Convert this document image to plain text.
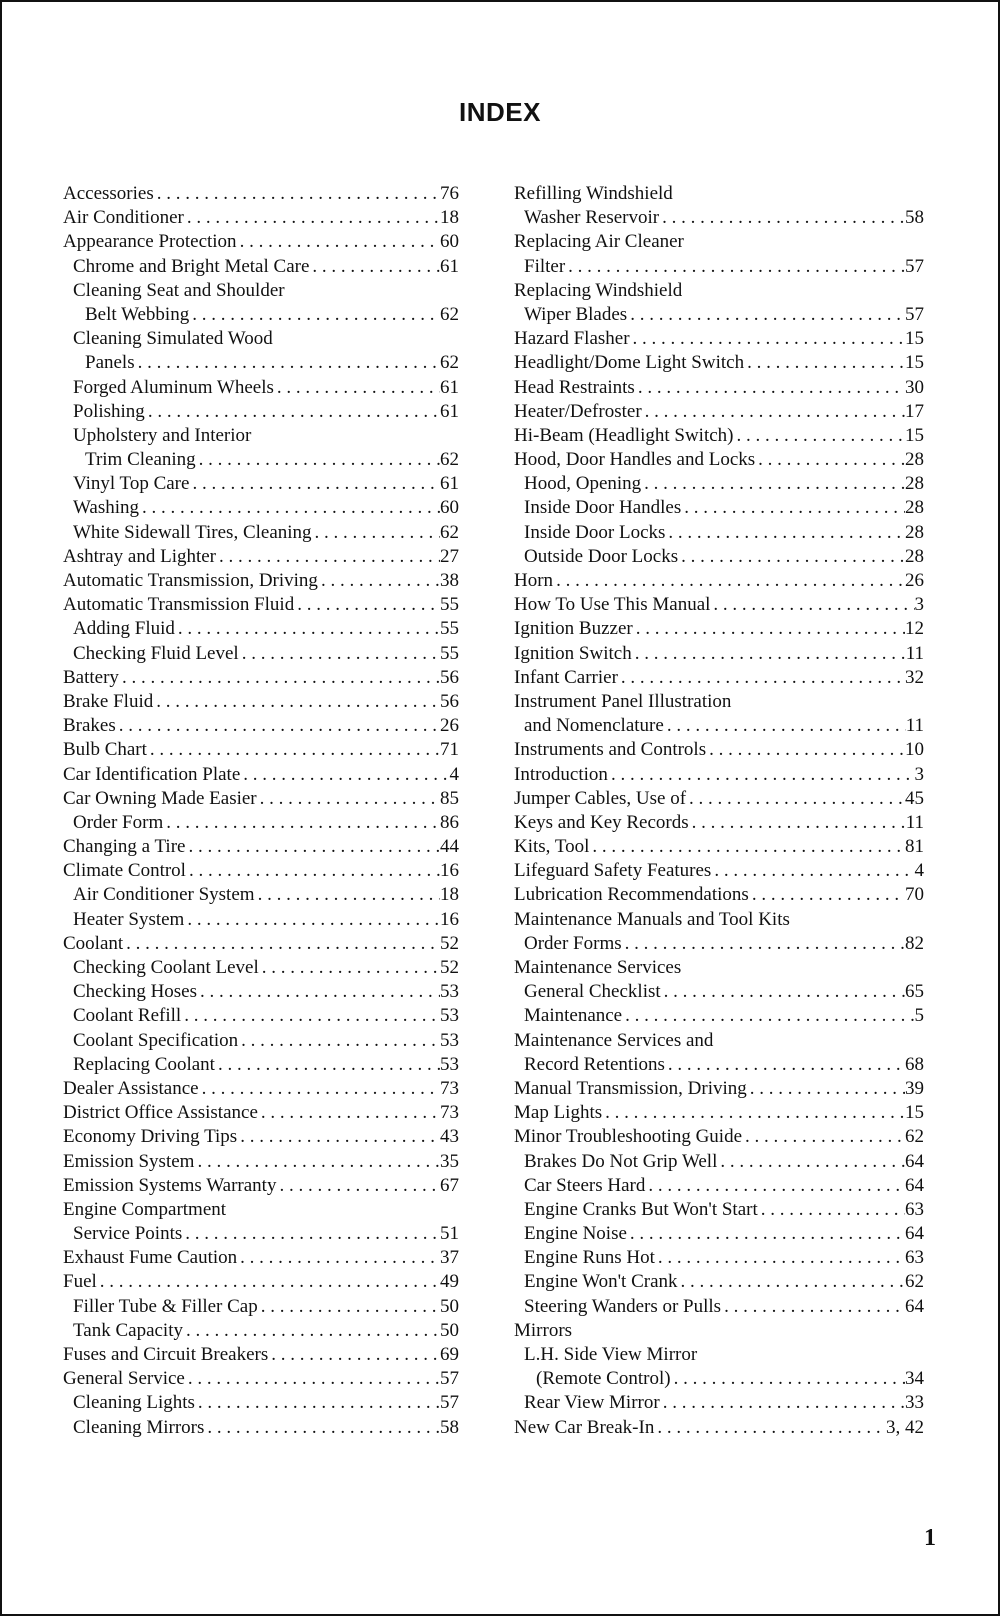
INDEX
Accessories . . .	76
Air Conditioner . . .	18
Appearance Protection . . .	60
Chrome and Bright Metal Care . . .	61
Cleaning Seat and Shoulder
Belt Webbing . . .	62
Cleaning Simulated Wood
Panels . . .	62
Forged Aluminum Wheels . . .	61
Polishing . . .	61
Upholstery and Interior
Trim Cleaning . . .	62
Vinyl Top Care . . .	61
Washing . . .	60
White Sidewall Tires, Cleaning . . .	62
Ashtray and Lighter . . .	27
Automatic Transmission, Driving . . .	38
Automatic Transmission Fluid . . .	55
Adding Fluid . . .	55
Checking Fluid Level . . .	55
Battery . . .	56
Brake Fluid . . .	56
Brakes . . .	26
Bulb Chart . . .	71
Car Identification Plate . . .	4
Car Owning Made Easier . . .	85
Order Form . . .	86
Changing a Tire . . .	44
Climate Control . . .	16
Air Conditioner System . . .	18
Heater System . . .	16
Coolant . . .	52
Checking Coolant Level . . .	52
Checking Hoses . . .	53
Coolant Refill . . .	53
Coolant Specification . . .	53
Replacing Coolant . . .	53
Dealer Assistance . . .	73
District Office Assistance . . .	73
Economy Driving Tips . . .	43
Emission System . . .	35
Emission Systems Warranty . . .	67
Engine Compartment
Service Points . . .	51
Exhaust Fume Caution . . .	37
Fuel . . .	49
Filler Tube & Filler Cap . . .	50
Tank Capacity . . .	50
Fuses and Circuit Breakers . . .	69
General Service . . .	57
Cleaning Lights . . .	57
Cleaning Mirrors . . .	58
Refilling Windshield
Washer Reservoir . . .	58
Replacing Air Cleaner
Filter . . .	57
Replacing Windshield
Wiper Blades . . .	57
Hazard Flasher . . .	15
Headlight/Dome Light Switch . . .	15
Head Restraints . . .	30
Heater/Defroster . . .	17
Hi-Beam (Headlight Switch) . . .	15
Hood, Door Handles and Locks . . .	28
Hood, Opening . . .	28
Inside Door Handles . . .	28
Inside Door Locks . . .	28
Outside Door Locks . . .	28
Horn . . .	26
How To Use This Manual . . .	3
Ignition Buzzer . . .	12
Ignition Switch . . .	11
Infant Carrier . . .	32
Instrument Panel Illustration
and Nomenclature . . .	11
Instruments and Controls . . .	10
Introduction . . .	3
Jumper Cables, Use of . . .	45
Keys and Key Records . . .	11
Kits, Tool . . .	81
Lifeguard Safety Features . . .	4
Lubrication Recommendations . . .	70
Maintenance Manuals and Tool Kits
Order Forms . . .	82
Maintenance Services
General Checklist . . .	65
Maintenance . . .	5
Maintenance Services and
Record Retentions . . .	68
Manual Transmission, Driving . . .	39
Map Lights . . .	15
Minor Troubleshooting Guide . . .	62
Brakes Do Not Grip Well . . .	64
Car Steers Hard . . .	64
Engine Cranks But Won't Start . . .	63
Engine Noise . . .	64
Engine Runs Hot . . .	63
Engine Won't Crank . . .	62
Steering Wanders or Pulls . . .	64
Mirrors
L.H. Side View Mirror
(Remote Control) . . .	34
Rear View Mirror . . .	33
New Car Break-In . . .	3, 42
1
